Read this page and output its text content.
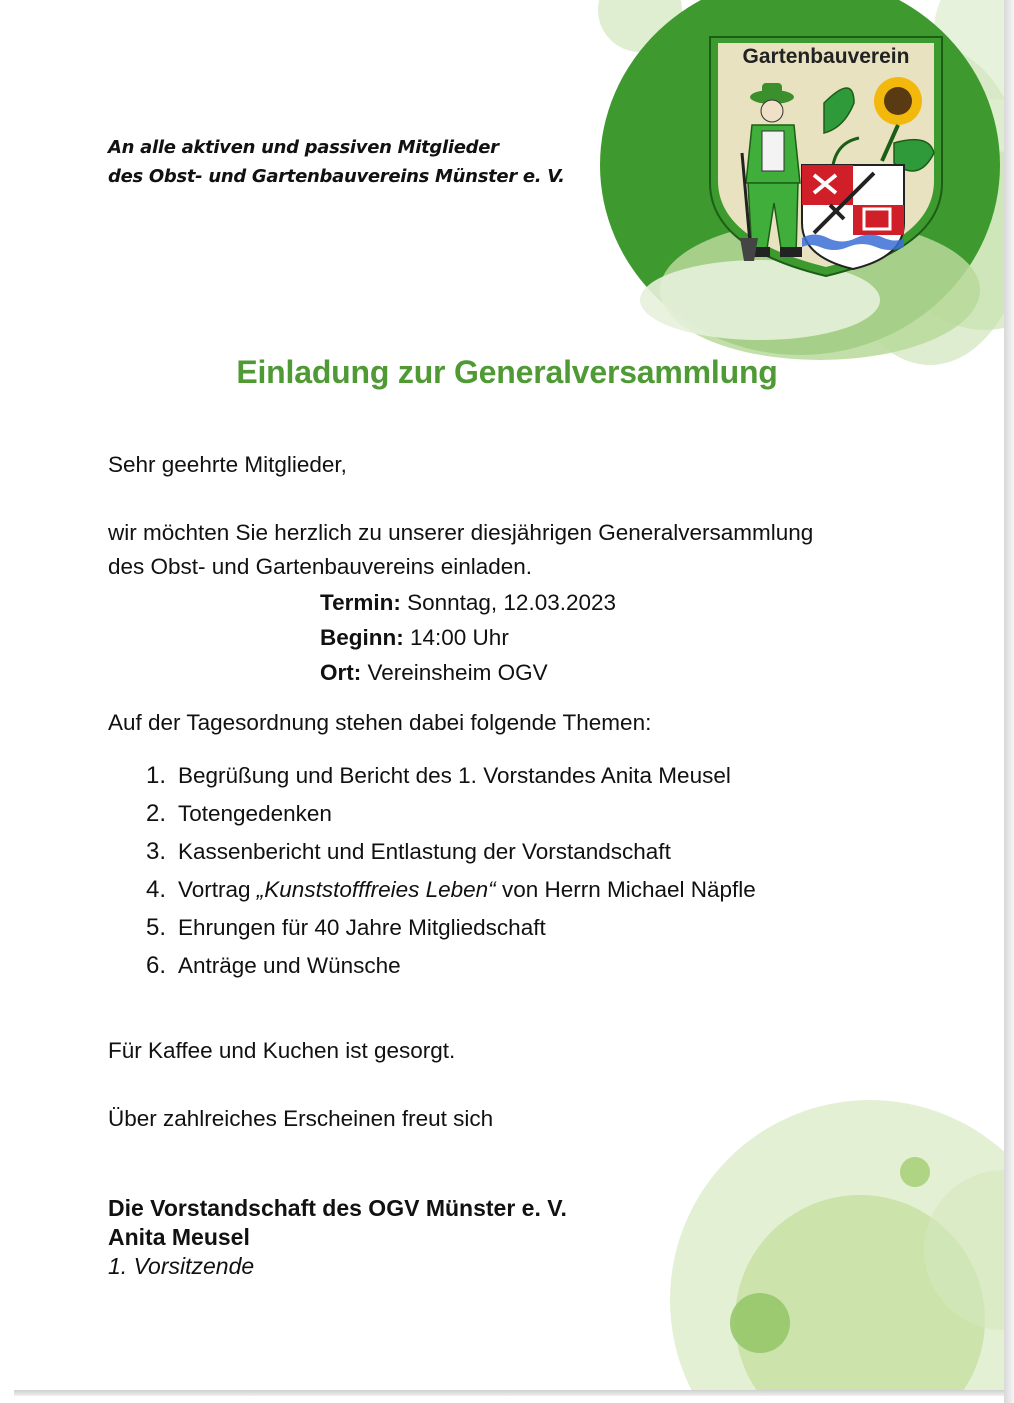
Gartenbauverein
An alle aktiven und passiven Mitglieder
des Obst- und Gartenbauvereins Münster e. V.
Einladung zur Generalversammlung
Sehr geehrte Mitglieder,
wir möchten Sie herzlich zu unserer diesjährigen Generalversammlung
des Obst- und Gartenbauvereins einladen.
Termin: Sonntag, 12.03.2023
Beginn: 14:00 Uhr
Ort: Vereinsheim OGV
Auf der Tagesordnung stehen dabei folgende Themen:
1. Begrüßung und Bericht des 1. Vorstandes Anita Meusel
2. Totengedenken
3. Kassenbericht und Entlastung der Vorstandschaft
4. Vortrag „Kunststofffreies Leben“ von Herrn Michael Näpfle
5. Ehrungen für 40 Jahre Mitgliedschaft
6. Anträge und Wünsche
Für Kaffee und Kuchen ist gesorgt.
Über zahlreiches Erscheinen freut sich
Die Vorstandschaft des OGV Münster e. V.
Anita Meusel
1. Vorsitzende
